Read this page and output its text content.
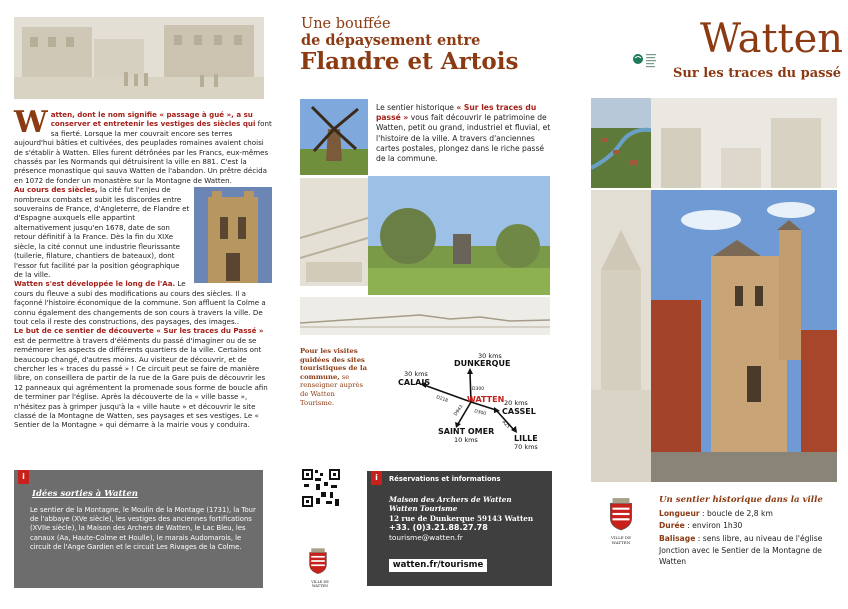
W atten, dont le nom signifie « passage à gué », a su conserver et entretenir les vestiges des siècles qui font sa fierté. Lorsque la mer couvrait encore ses terres aujourd'hui bâties et cultivées, des peuplades romaines avaient choisi de s'établir à Watten. Elles furent détrônées par les Francs, eux-mêmes chassés par les Normands qui détruisirent la ville en 881. C'est la présence monastique qui sauva Watten de l'abandon. Un prêtre décida en 1072 de fonder un monastère sur la Montagne de Watten.

Au cours des siècles, la cité fut l'enjeu de nombreux combats et subit les discordes entre souverains de France, d'Angleterre, de Flandre et d'Espagne auxquels elle appartint alternativement jusqu'en 1678, date de son retour définitif à la France. Dès la fin du XIXe siècle, la cité connut une industrie fleurissante (tuilerie, filature, chantiers de bateaux), dont l'essor fut facilité par la position géographique de la ville.

Watten s'est développée le long de l'Aa. Le cours du fleuve a subi des modifications au cours des siècles. Il a façonné l'histoire économique de la commune. Son affluent la Colme a connu également des changements de son cours à travers la ville. De tout cela il reste des constructions, des paysages, des images..

Le but de ce sentier de découverte « Sur les traces du Passé » est de permettre à travers d'éléments du passé d'imaginer ou de se remémorer les aspects de différents quartiers de la ville. Certains ont beaucoup changé, d'autres moins. Au visiteur de découvrir, et de chercher les « traces du passé » ! Ce circuit peut se faire de manière libre, on conseillera de partir de la rue de la Gare puis de découvrir les 12 panneaux qui agrémentent la promenade sous forme de boucle afin de terminer par l'église. Après la découverte de la « ville basse », n'hésitez pas à grimper jusqu'à la « ville haute » et découvrir le site classé de la Montagne de Watten, ses paysages et ses vestiges. Le « Sentier de la Montagne » qui démarre à la mairie vous y conduira.

i
Idées sorties à Watten
Le sentier de la Montagne, le Moulin de la Montage (1731), la Tour de l'abbaye (XVe siècle), les vestiges des anciennes fortifications (XVIIe siècle), la Maison des Archers de Watten, le Lac Bleu, les canaux (Aa, Haute-Colme et Houlle), le marais Audomarois, le circuit de l'Ange Gardien et le circuit Les Rivages de la Colme.
Une bouffée
de dépaysement entre
Flandre et Artois
Le sentier historique « Sur les traces du passé » vous fait découvrir le patrimoine de Watten, petit ou grand, industriel et fluvial, et l'histoire de la ville. A travers d'anciennes cartes postales, plongez dans le riche passé de la commune.
Pour les visites guidées des sites touristiques de la commune, se renseigner auprès de Watten Tourisme.
30 kms
DUNKERQUE
30 kms
CALAIS
WATTEN 20 kms
CASSEL
SAINT OMER
10 kms	LILLE
70 kms
D300
D218
D300
D943
A25
VILLE DE WATTEN
i	Réservations et informations
Maison des Archers de Watten
Watten Tourisme
12 rue de Dunkerque 59143 Watten
+33. (0)3.21.88.27.78
tourisme@watten.fr
watten.fr/tourisme
Watten
Sur les traces du passé
VILLE DE WATTEN
Un sentier historique dans la ville
Longueur : boucle de 2,8 km
Durée : environ 1h30
Balisage : sens libre, au niveau de l'église
Jonction avec le Sentier de la Montagne de Watten
